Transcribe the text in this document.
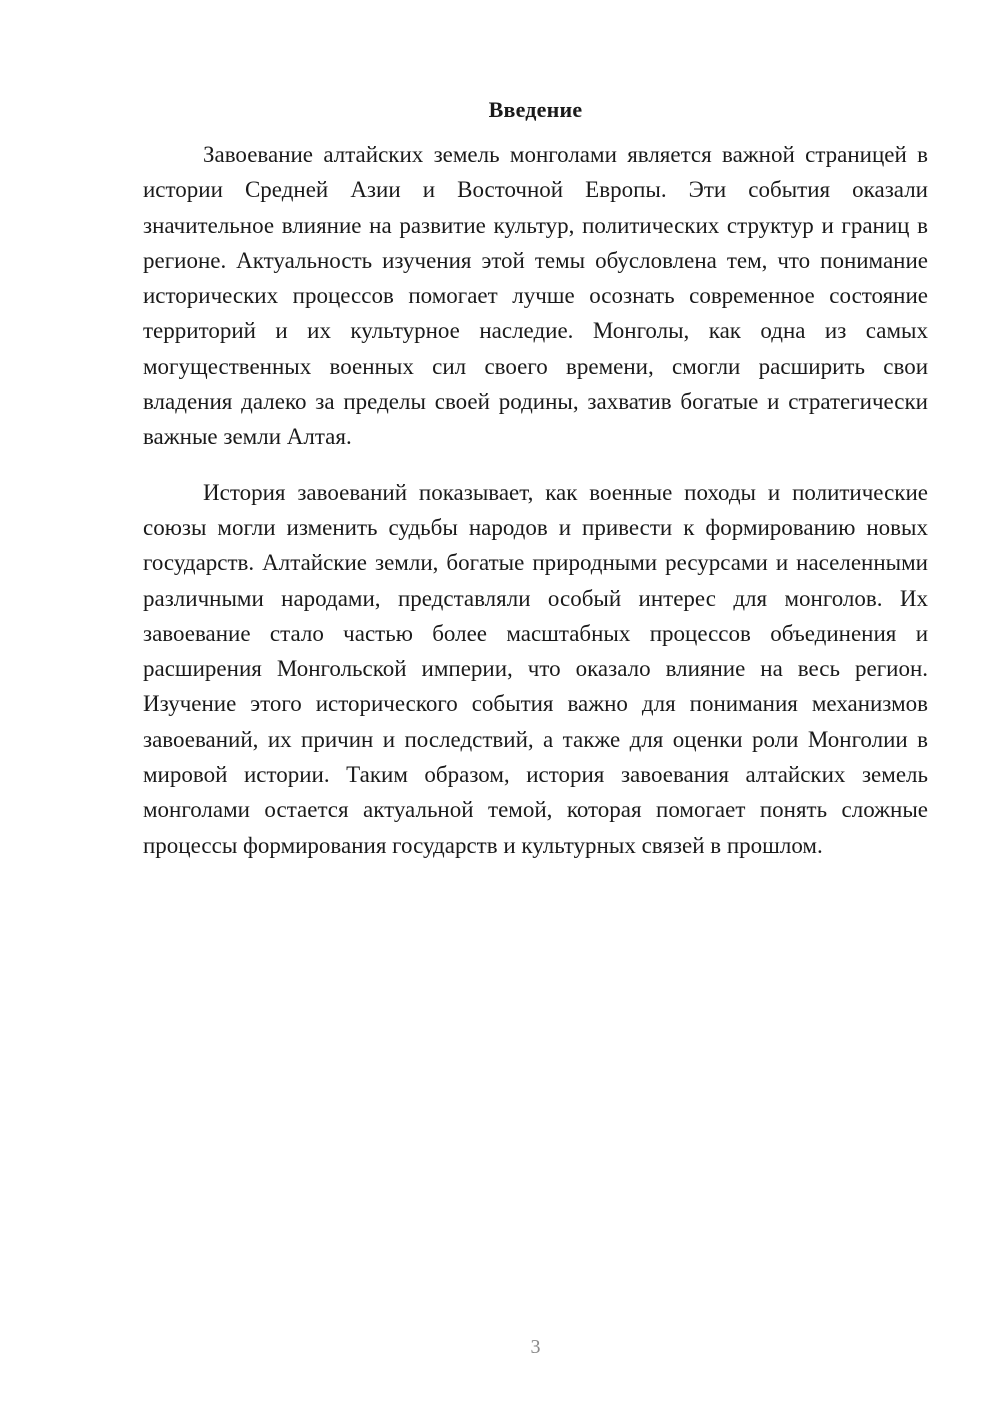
Введение

Завоевание алтайских земель монголами является важной страницей в истории Средней Азии и Восточной Европы. Эти события оказали значительное влияние на развитие культур, политических структур и границ в регионе. Актуальность изучения этой темы обусловлена тем, что понимание исторических процессов помогает лучше осознать современное состояние территорий и их культурное наследие. Монголы, как одна из самых могущественных военных сил своего времени, смогли расширить свои владения далеко за пределы своей родины, захватив богатые и стратегически важные земли Алтая.

История завоеваний показывает, как военные походы и политические союзы могли изменить судьбы народов и привести к формированию новых государств. Алтайские земли, богатые природными ресурсами и населенными различными народами, представляли особый интерес для монголов. Их завоевание стало частью более масштабных процессов объединения и расширения Монгольской империи, что оказало влияние на весь регион. Изучение этого исторического события важно для понимания механизмов завоеваний, их причин и последствий, а также для оценки роли Монголии в мировой истории. Таким образом, история завоевания алтайских земель монголами остается актуальной темой, которая помогает понять сложные процессы формирования государств и культурных связей в прошлом.

3
